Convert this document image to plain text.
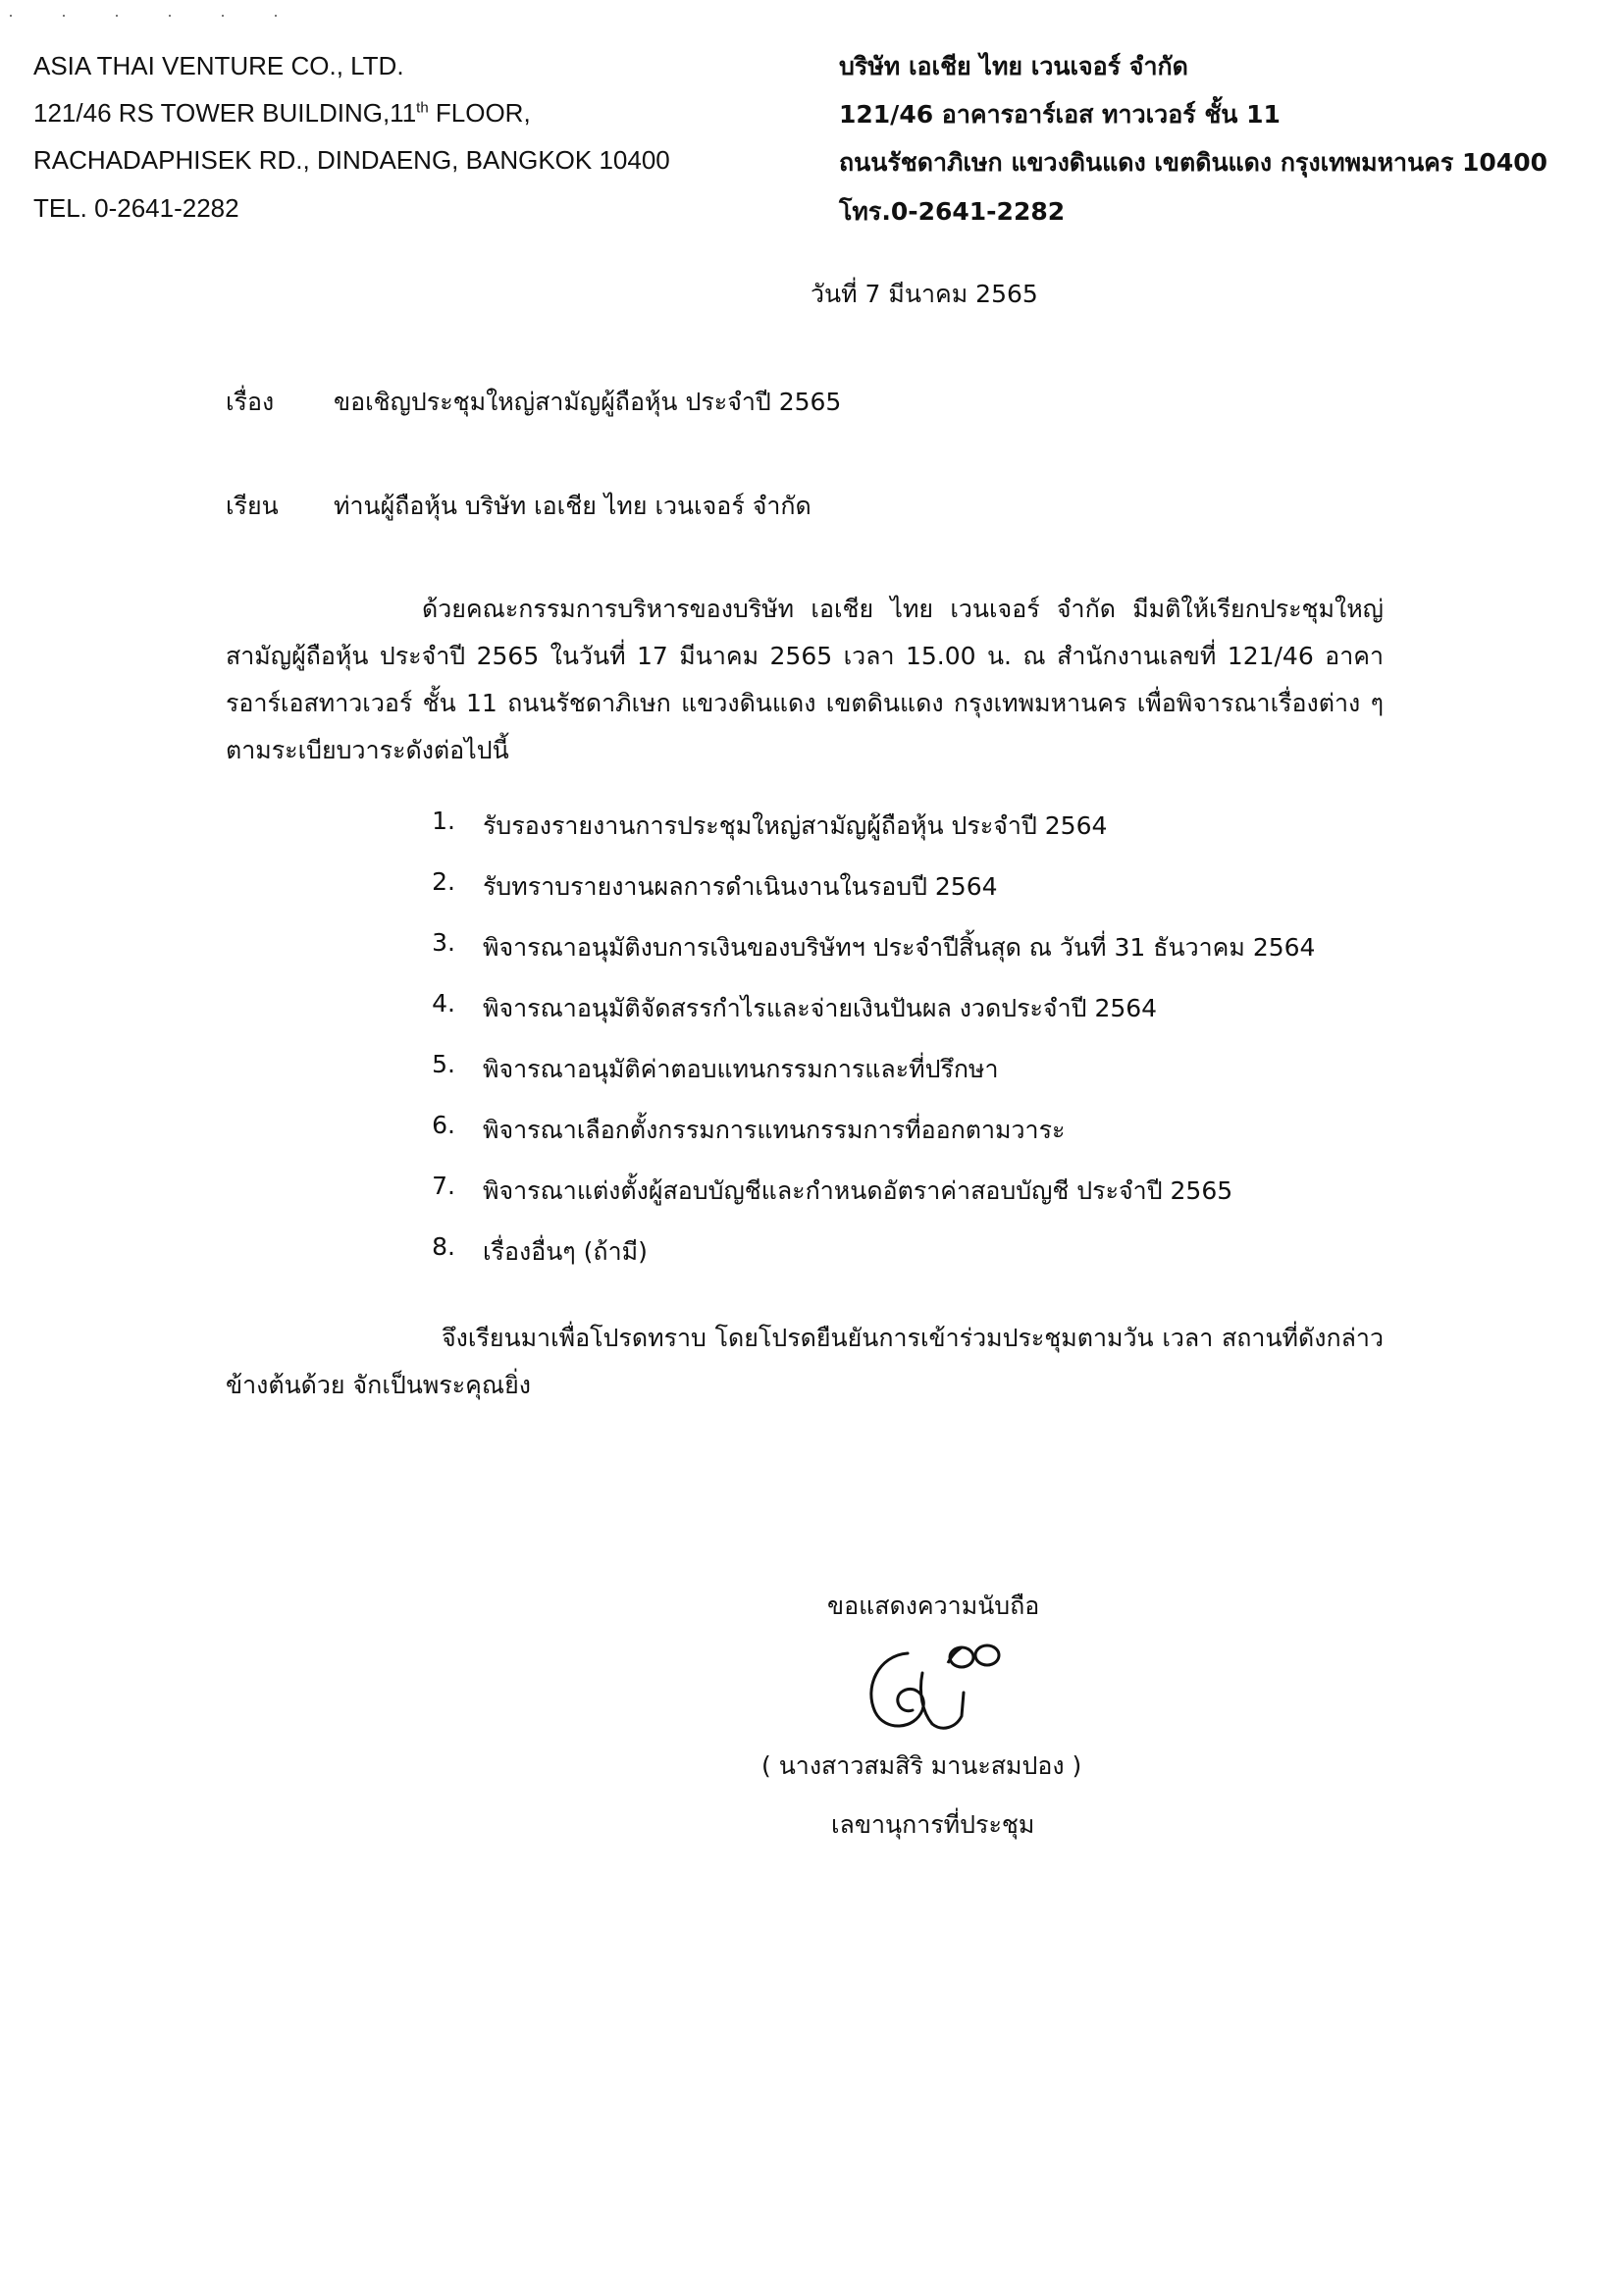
ASIA THAI VENTURE CO., LTD.
121/46 RS TOWER BUILDING,11th FLOOR,
RACHADAPHISEK RD., DINDAENG, BANGKOK 10400
TEL. 0-2641-2282
บริษัท เอเชีย ไทย เวนเจอร์ จำกัด
121/46 อาคารอาร์เอส ทาวเวอร์ ชั้น 11
ถนนรัชดาภิเษก แขวงดินแดง เขตดินแดง กรุงเทพมหานคร 10400
โทร.0-2641-2282
วันที่ 7 มีนาคม 2565
เรื่อง ขอเชิญประชุมใหญ่สามัญผู้ถือหุ้น ประจำปี 2565
เรียน ท่านผู้ถือหุ้น บริษัท เอเชีย ไทย เวนเจอร์ จำกัด
ด้วยคณะกรรมการบริหารของบริษัท เอเชีย ไทย เวนเจอร์ จำกัด มีมติให้เรียกประชุมใหญ่สามัญผู้ถือหุ้น ประจำปี 2565 ในวันที่ 17 มีนาคม 2565 เวลา 15.00 น. ณ สำนักงานเลขที่ 121/46 อาคารอาร์เอสทาวเวอร์ ชั้น 11 ถนนรัชดาภิเษก แขวงดินแดง เขตดินแดง กรุงเทพมหานคร เพื่อพิจารณาเรื่องต่าง ๆ ตามระเบียบวาระดังต่อไปนี้
1. รับรองรายงานการประชุมใหญ่สามัญผู้ถือหุ้น ประจำปี 2564
2. รับทราบรายงานผลการดำเนินงานในรอบปี 2564
3. พิจารณาอนุมัติงบการเงินของบริษัทฯ ประจำปีสิ้นสุด ณ วันที่ 31 ธันวาคม 2564
4. พิจารณาอนุมัติจัดสรรกำไรและจ่ายเงินปันผล งวดประจำปี 2564
5. พิจารณาอนุมัติค่าตอบแทนกรรมการและที่ปรึกษา
6. พิจารณาเลือกตั้งกรรมการแทนกรรมการที่ออกตามวาระ
7. พิจารณาแต่งตั้งผู้สอบบัญชีและกำหนดอัตราค่าสอบบัญชี ประจำปี 2565
8. เรื่องอื่นๆ (ถ้ามี)
จึงเรียนมาเพื่อโปรดทราบ โดยโปรดยืนยันการเข้าร่วมประชุมตามวัน เวลา สถานที่ดังกล่าวข้างต้นด้วย จักเป็นพระคุณยิ่ง
ขอแสดงความนับถือ
( นางสาวสมสิริ มานะสมปอง )
เลขานุการที่ประชุม
